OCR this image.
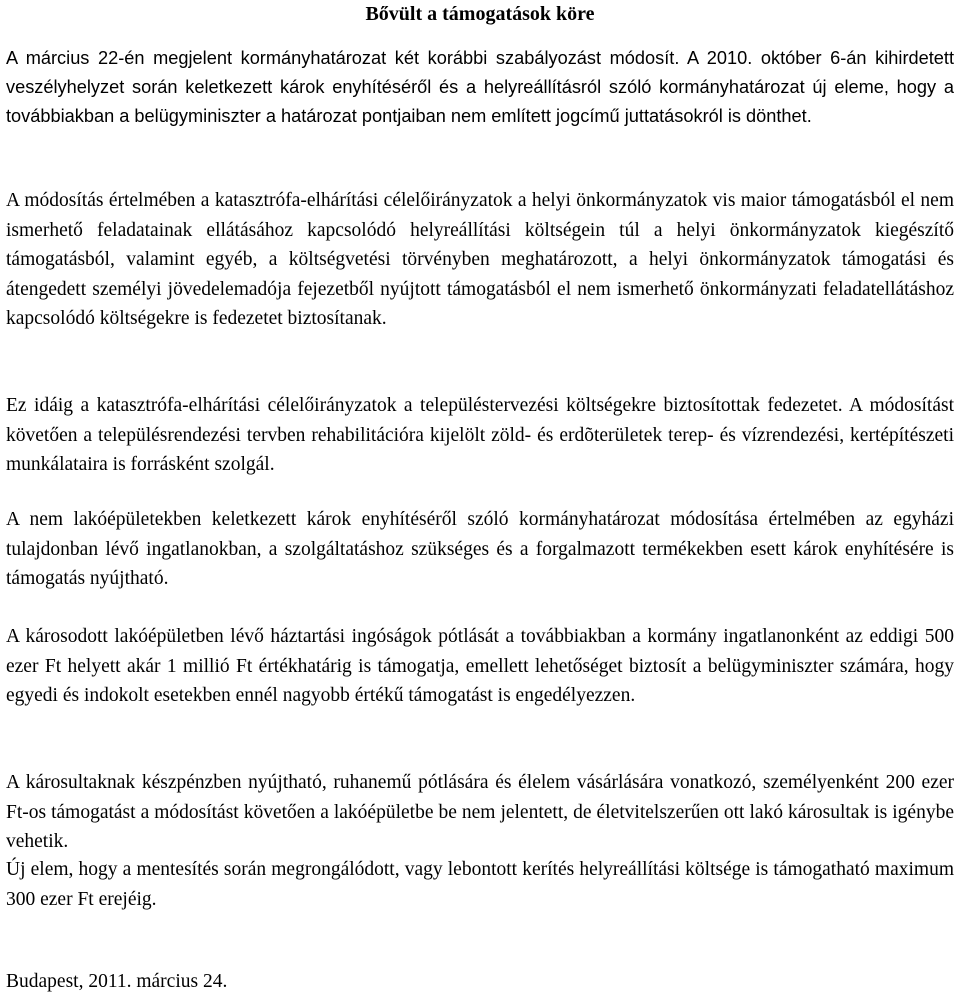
Bővült a támogatások köre
A március 22-én megjelent kormányhatározat két korábbi szabályozást módosít. A 2010. október 6-án kihirdetett veszélyhelyzet során keletkezett károk enyhítéséről és a helyreállításról szóló kormányhatározat új eleme, hogy a továbbiakban a belügyminiszter a határozat pontjaiban nem említett jogcímű juttatásokról is dönthet.
A módosítás értelmében a katasztrófa-elhárítási célelőirányzatok a helyi önkormányzatok vis maior támogatásból el nem ismerhető feladatainak ellátásához kapcsolódó helyreállítási költségein túl a helyi önkormányzatok kiegészítő támogatásból, valamint egyéb, a költségvetési törvényben meghatározott, a helyi önkormányzatok támogatási és átengedett személyi jövedelemadója fejezetből nyújtott támogatásból el nem ismerhető önkormányzati feladatellátáshoz kapcsolódó költségekre is fedezetet biztosítanak.
Ez idáig a katasztrófa-elhárítási célelőirányzatok a településtervezési költségekre biztosítottak fedezetet. A módosítást követően a településrendezési tervben rehabilitációra kijelölt zöld- és erdõterületek terep- és vízrendezési, kertépítészeti munkálataira is forrásként szolgál.
A nem lakóépületekben keletkezett károk enyhítéséről szóló kormányhatározat módosítása értelmében az egyházi tulajdonban lévő ingatlanokban, a szolgáltatáshoz szükséges és a forgalmazott termékekben esett károk enyhítésére is támogatás nyújtható.
A károsodott lakóépületben lévő háztartási ingóságok pótlását a továbbiakban a kormány ingatlanonként az eddigi 500 ezer Ft helyett akár 1 millió Ft értékhatárig is támogatja, emellett lehetőséget biztosít a belügyminiszter számára, hogy egyedi és indokolt esetekben ennél nagyobb értékű támogatást is engedélyezzen.
A károsultaknak készpénzben nyújtható, ruhanemű pótlására és élelem vásárlására vonatkozó, személyenként 200 ezer Ft-os támogatást a módosítást követően a lakóépületbe be nem jelentett, de életvitelszerűen ott lakó károsultak is igénybe vehetik.
Új elem, hogy a mentesítés során megrongálódott, vagy lebontott kerítés helyreállítási költsége is támogatható maximum 300 ezer Ft erejéig.
Budapest, 2011. március 24.
